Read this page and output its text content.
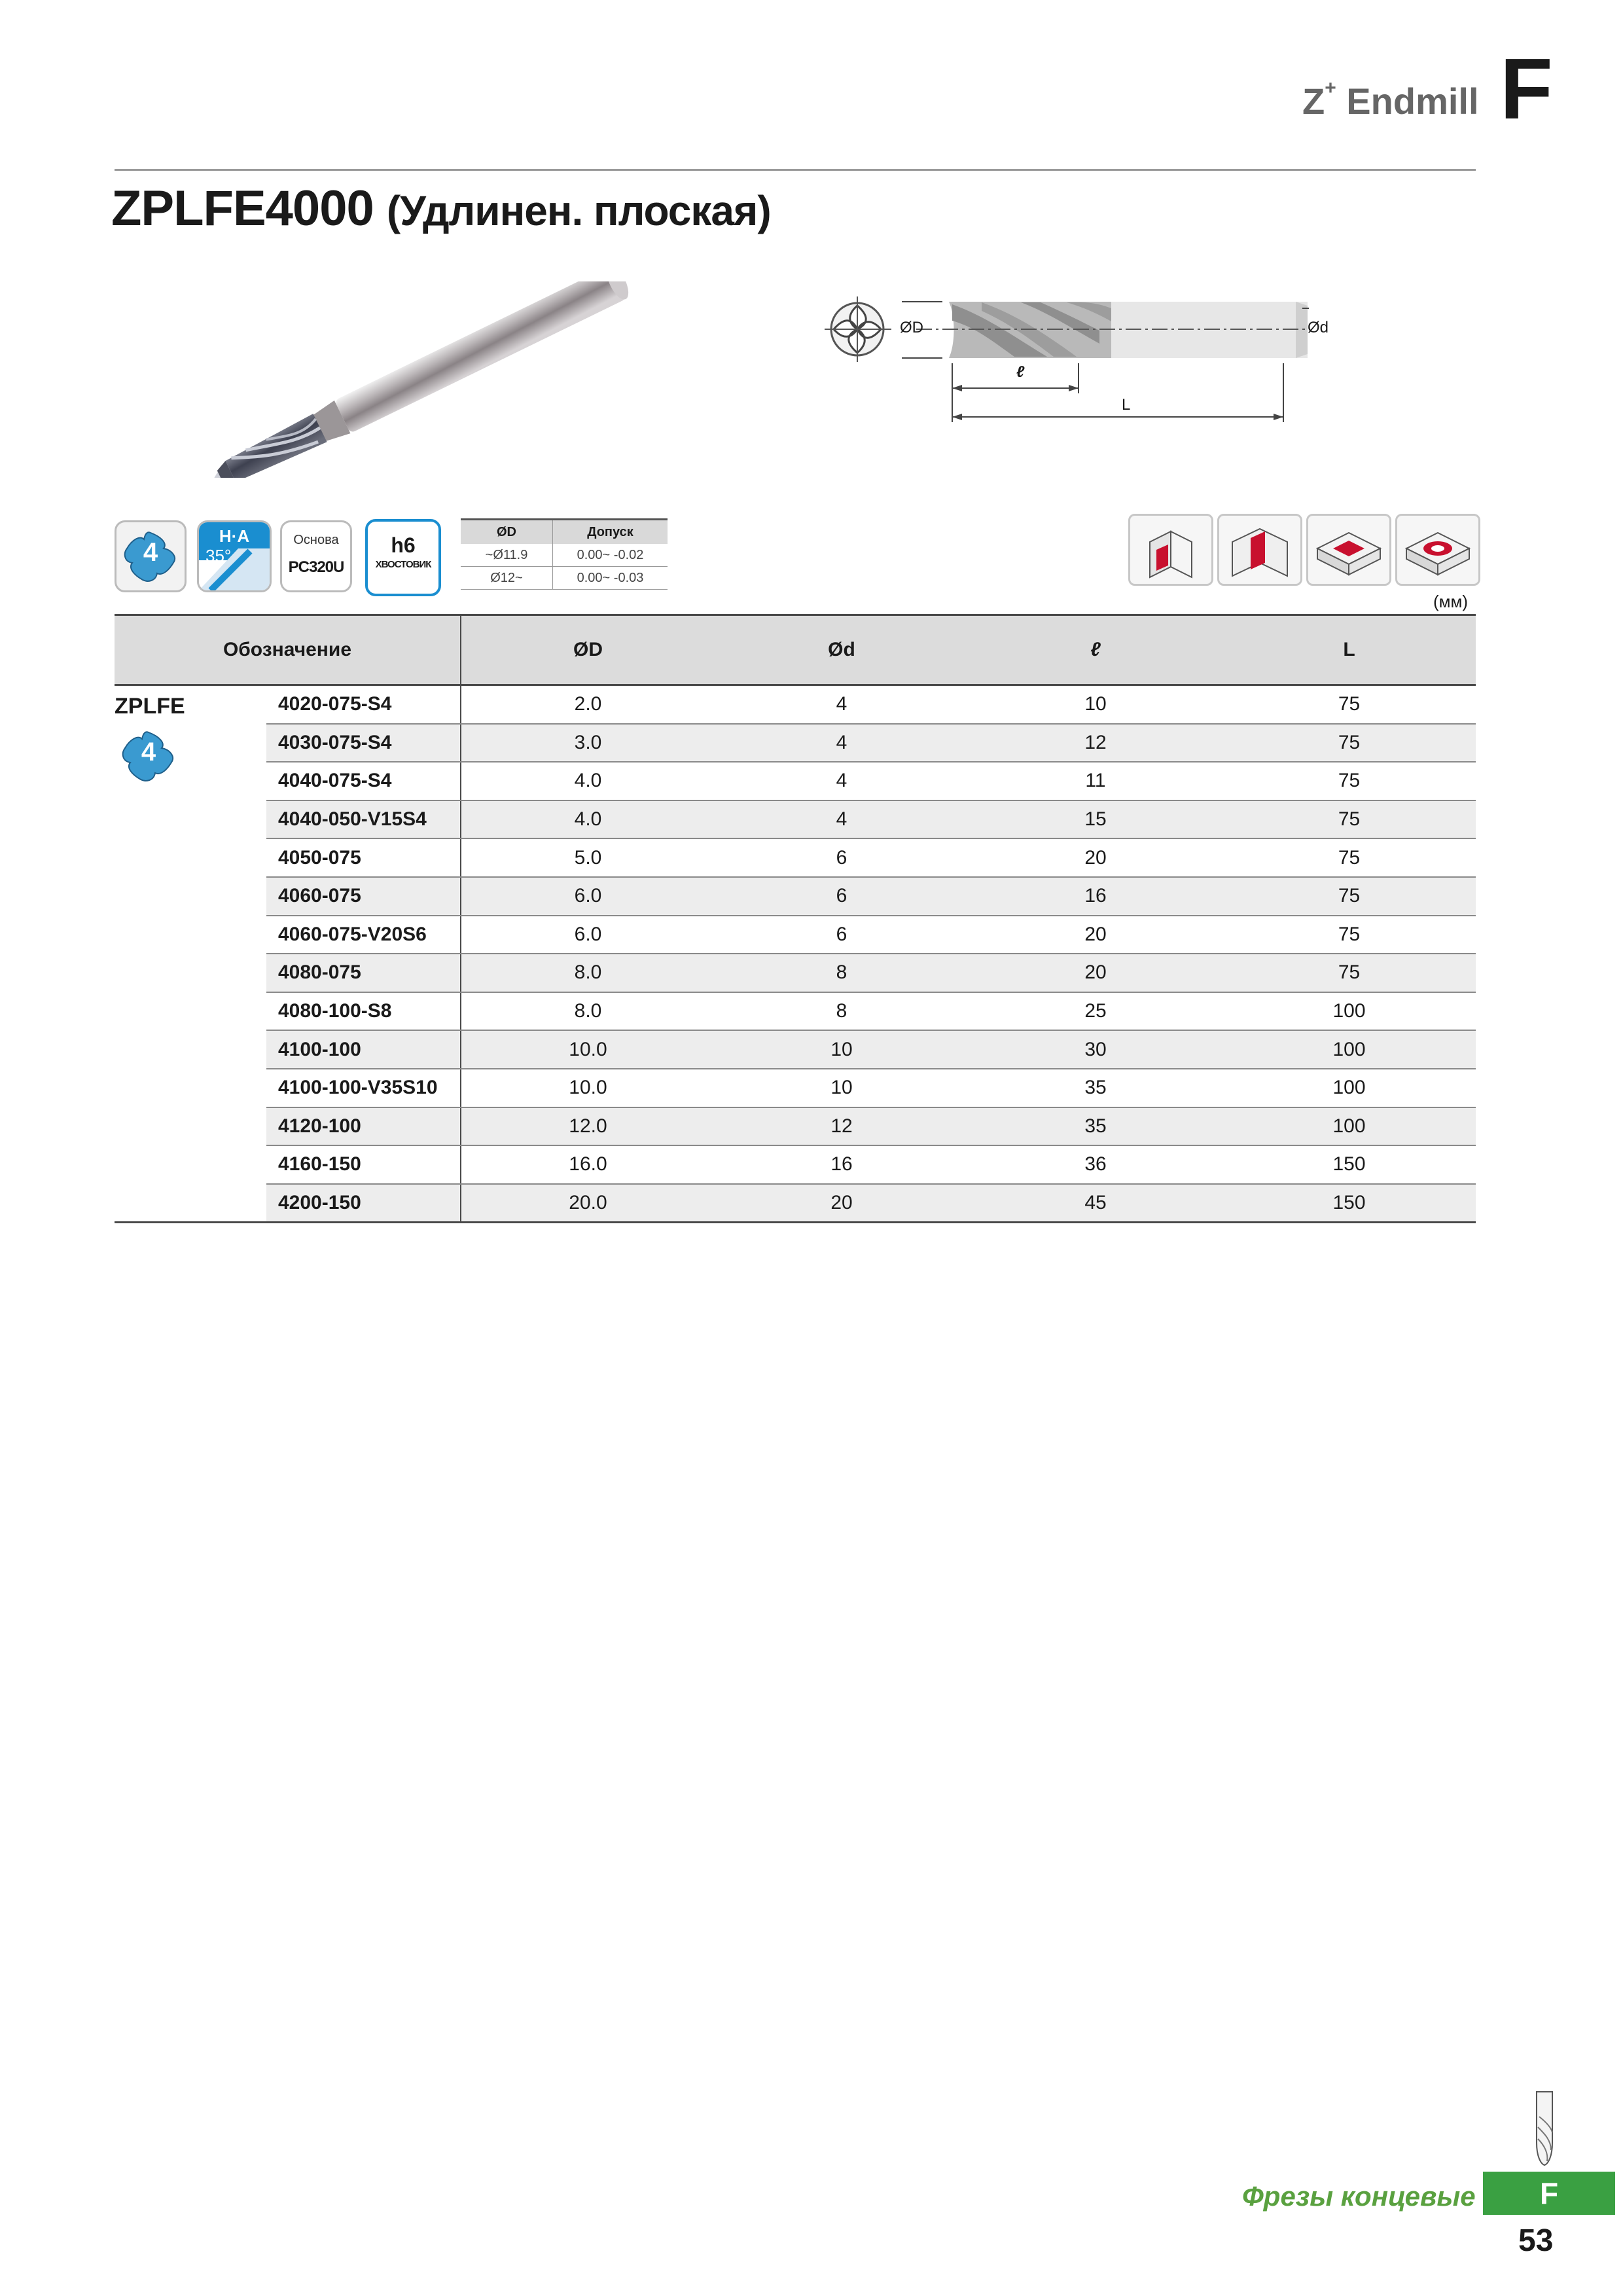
Z+ Endmill F
ZPLFE4000 (Удлинен. плоская)
ØD	Ød
ℓ
L
4
H·A
35°
Основа
PC320U
h6
ХВОСТОВИК
ØD	Допуск
~Ø11.9	0.00~ -0.02
Ø12~	0.00~ -0.03
(мм)
Обозначение		ØD	Ød	ℓ	L

ZPLFE
4	4020-075-S4	2.0	4	10	75
	4030-075-S4	3.0	4	12	75
	4040-075-S4	4.0	4	11	75
	4040-050-V15S4	4.0	4	15	75
	4050-075	5.0	6	20	75
	4060-075	6.0	6	16	75
	4060-075-V20S6	6.0	6	20	75
	4080-075	8.0	8	20	75
	4080-100-S8	8.0	8	25	100
	4100-100	10.0	10	30	100
	4100-100-V35S10	10.0	10	35	100
	4120-100	12.0	12	35	100
	4160-150	16.0	16	36	150
	4200-150	20.0	20	45	150
Фрезы концевые	F
53
